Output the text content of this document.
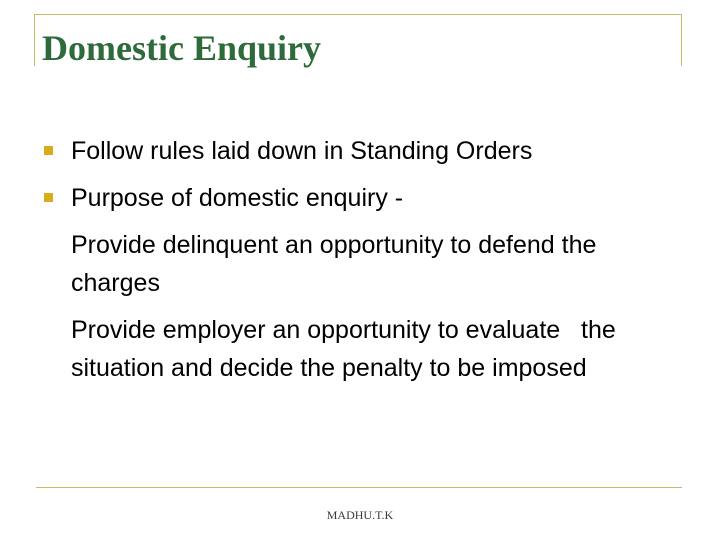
Domestic Enquiry
Follow rules laid down in Standing Orders
Purpose of domestic enquiry -
Provide delinquent an opportunity to defend the charges
Provide employer an opportunity to evaluate   the situation and decide the penalty to be imposed
MADHU.T.K
